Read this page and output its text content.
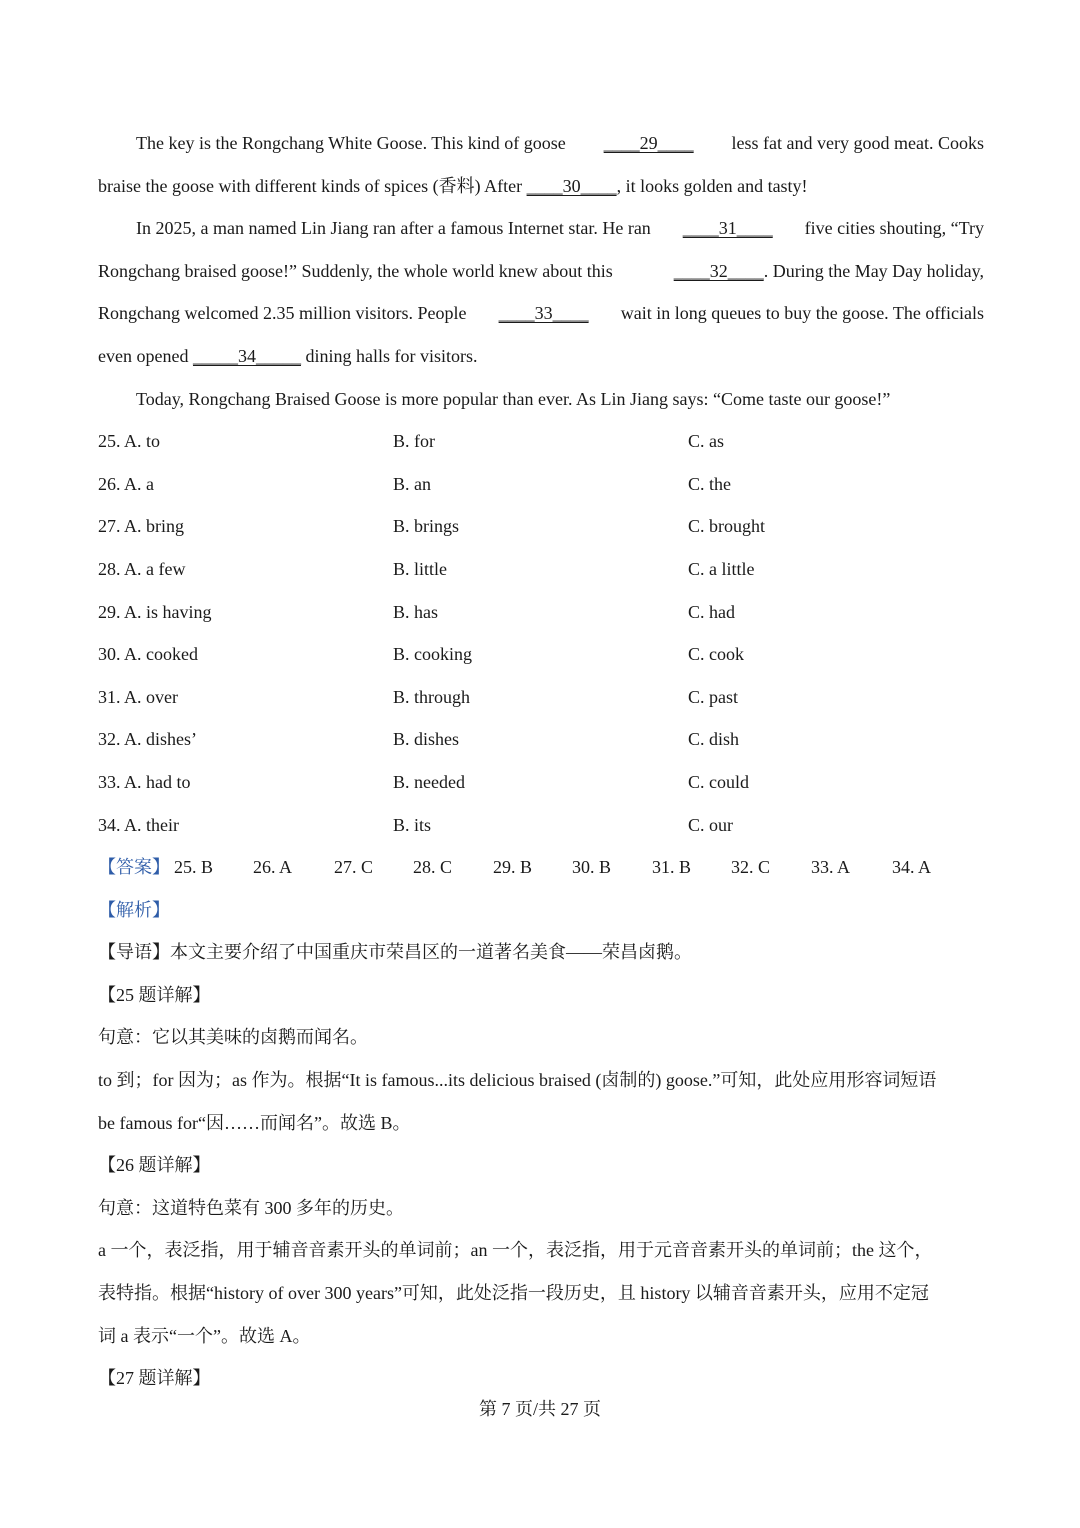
The key is the Rongchang White Goose. This kind of goose ____29____ less fat and very good meat. Cooks
braise the goose with different kinds of spices (香料) After ____30____, it looks golden and tasty!
In 2025, a man named Lin Jiang ran after a famous Internet star. He ran ____31____ five cities shouting, “Try
Rongchang braised goose!” Suddenly, the whole world knew about this	____32____. During the May Day holiday,
Rongchang welcomed 2.35 million visitors. People ____33____ wait in long queues to buy the goose. The officials
even opened _____34_____ dining halls for visitors.
Today, Rongchang Braised Goose is more popular than ever. As Lin Jiang says: “Come taste our goose!”
25. A. to	B. for	C. as
26. A. a	B. an	C. the
27. A. bring	B. brings	C. brought
28. A. a few	B. little	C. a little
29. A. is having	B. has	C. had
30. A. cooked	B. cooking	C. cook
31. A. over	B. through	C. past
32. A. dishes’	B. dishes	C. dish
33. A. had to	B. needed	C. could
34. A. their	B. its	C. our
【答案】 25. B 26. A 27. C 28. C 29. B 30. B 31. B 32. C 33. A 34. A
【解析】
【导语】本文主要介绍了中国重庆市荣昌区的一道著名美食——荣昌卤鹅。
【25 题详解】
句意：它以其美味的卤鹅而闻名。
to 到；for 因为；as 作为。根据“It is famous...its delicious braised (卤制的) goose.”可知，此处应用形容词短语
be famous for“因……而闻名”。故选 B。
【26 题详解】
句意：这道特色菜有 300 多年的历史。
a 一个，表泛指，用于辅音音素开头的单词前；an 一个，表泛指，用于元音音素开头的单词前；the 这个，
表特指。根据“history of over 300 years”可知，此处泛指一段历史，且 history 以辅音音素开头，应用不定冠
词 a 表示“一个”。故选 A。
【27 题详解】
第 7 页/共 27 页
